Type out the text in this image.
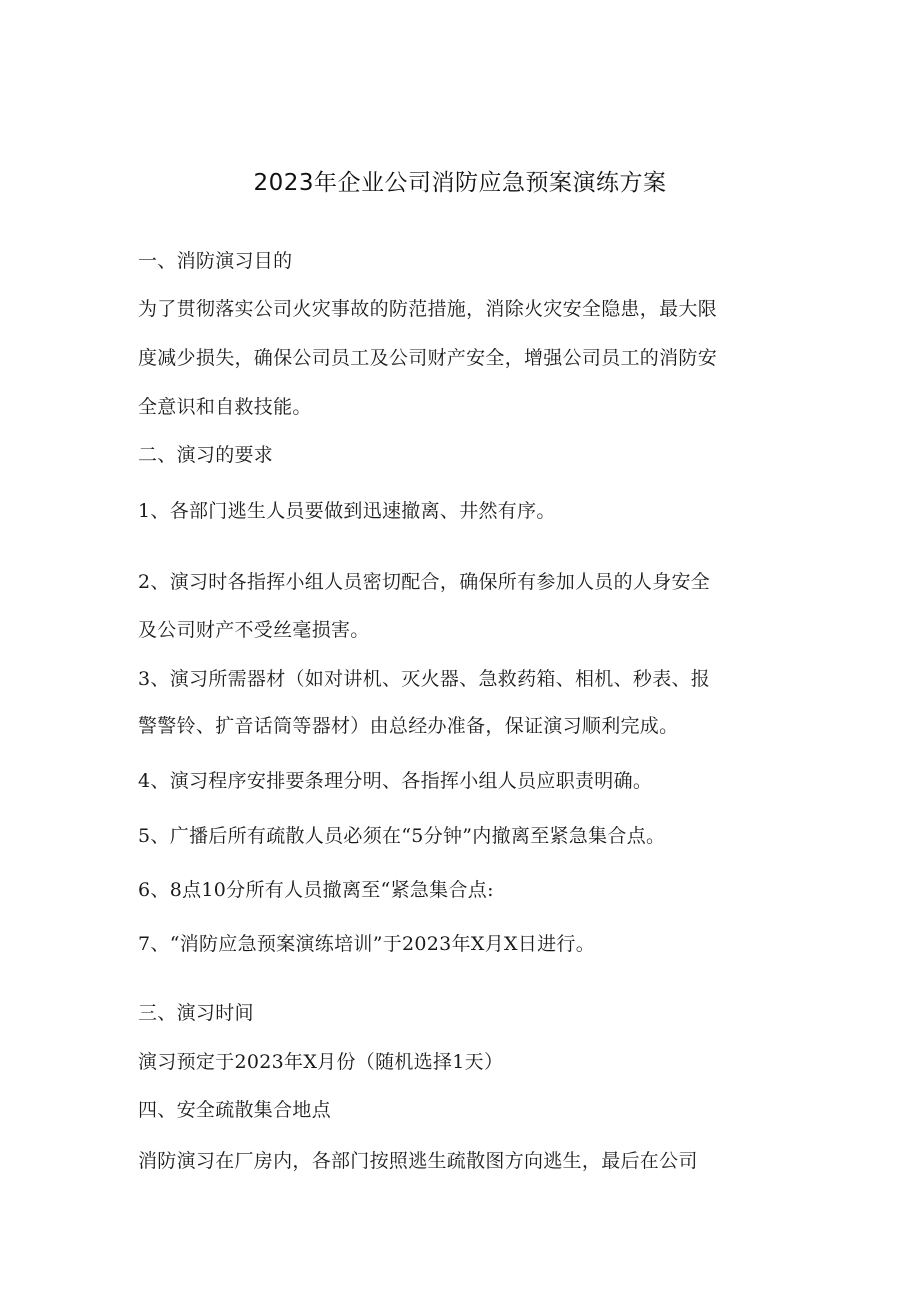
2023年企业公司消防应急预案演练方案
一、消防演习目的
为了贯彻落实公司火灾事故的防范措施，消除火灾安全隐患，最大限
度减少损失，确保公司员工及公司财产安全，增强公司员工的消防安
全意识和自救技能。
二、演习的要求
1、各部门逃生人员要做到迅速撤离、井然有序。
2、演习时各指挥小组人员密切配合，确保所有参加人员的人身安全
及公司财产不受丝毫损害。
3、演习所需器材（如对讲机、灭火器、急救药箱、相机、秒表、报
警警铃、扩音话筒等器材）由总经办准备，保证演习顺利完成。
4、演习程序安排要条理分明、各指挥小组人员应职责明确。
5、广播后所有疏散人员必须在“5分钟”内撤离至紧急集合点。
6、8点10分所有人员撤离至“紧急集合点:
7、“消防应急预案演练培训”于2023年X月X日进行。
三、演习时间
演习预定于2023年X月份（随机选择1天）
四、安全疏散集合地点
消防演习在厂房内，各部门按照逃生疏散图方向逃生，最后在公司
